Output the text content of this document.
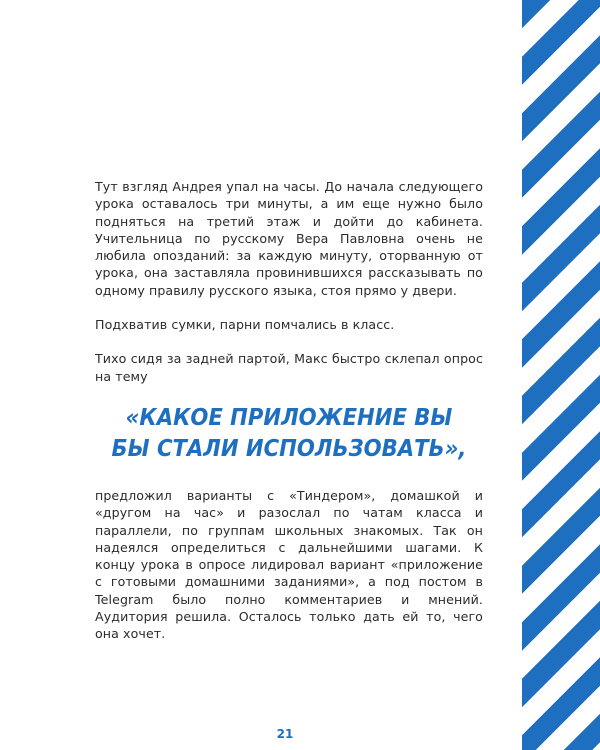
Тут взгляд Андрея упал на часы. До начала следующего урока оставалось три минуты, а им еще нужно было подняться на третий этаж и дойти до кабинета. Учительница по русскому Вера Павловна очень не любила опозданий: за каждую минуту, оторванную от урока, она заставляла провинившихся рассказывать по одному правилу русского языка, стоя прямо у двери.

Подхватив сумки, парни помчались в класс.

Тихо сидя за задней партой, Макс быстро склепал опрос на тему

«КАКОЕ ПРИЛОЖЕНИЕ ВЫ БЫ СТАЛИ ИСПОЛЬЗОВАТЬ»,

предложил варианты с «Тиндером», домашкой и «другом на час» и разослал по чатам класса и параллели, по группам школьных знакомых. Так он надеялся определиться с дальнейшими шагами. К концу урока в опросе лидировал вариант «приложение с готовыми домашними заданиями», а под постом в Telegram было полно комментариев и мнений. Аудитория решила. Осталось только дать ей то, чего она хочет.

21
